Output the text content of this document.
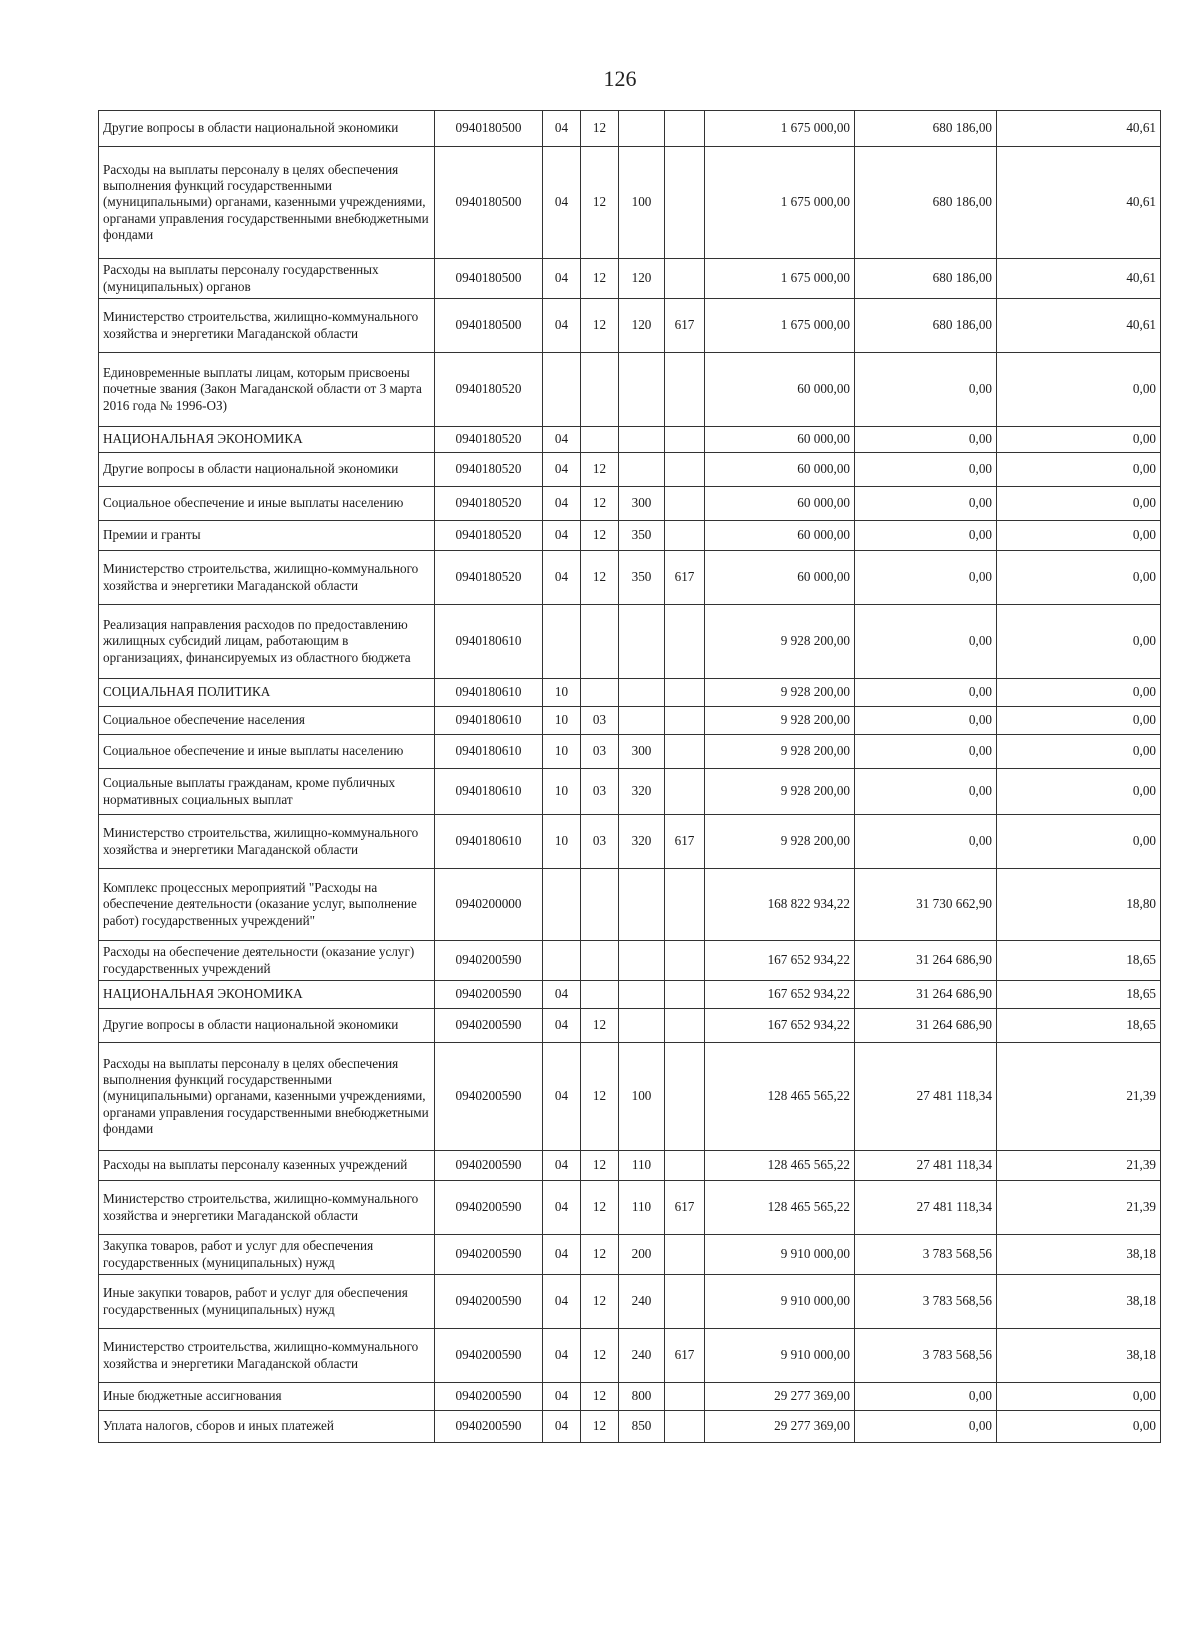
126
Другие вопросы в области национальной экономики	0940180500	04	12			1 675 000,00	680 186,00	40,61
Расходы на выплаты персоналу в целях обеспечения выполнения функций государственными (муниципальными) органами, казенными учреждениями, органами управления государственными внебюджетными фондами	0940180500	04	12	100		1 675 000,00	680 186,00	40,61
Расходы на выплаты персоналу государственных (муниципальных) органов	0940180500	04	12	120		1 675 000,00	680 186,00	40,61
Министерство строительства, жилищно-коммунального хозяйства и энергетики Магаданской области	0940180500	04	12	120	617	1 675 000,00	680 186,00	40,61
Единовременные выплаты лицам, которым присвоены почетные звания (Закон Магаданской области от 3 марта 2016 года № 1996-ОЗ)	0940180520					60 000,00	0,00	0,00
НАЦИОНАЛЬНАЯ ЭКОНОМИКА	0940180520	04				60 000,00	0,00	0,00
Другие вопросы в области национальной экономики	0940180520	04	12			60 000,00	0,00	0,00
Социальное обеспечение и иные выплаты населению	0940180520	04	12	300		60 000,00	0,00	0,00
Премии и гранты	0940180520	04	12	350		60 000,00	0,00	0,00
Министерство строительства, жилищно-коммунального хозяйства и энергетики Магаданской области	0940180520	04	12	350	617	60 000,00	0,00	0,00
Реализация направления расходов по предоставлению жилищных субсидий лицам, работающим в организациях, финансируемых из областного бюджета	0940180610					9 928 200,00	0,00	0,00
СОЦИАЛЬНАЯ ПОЛИТИКА	0940180610	10				9 928 200,00	0,00	0,00
Социальное обеспечение населения	0940180610	10	03			9 928 200,00	0,00	0,00
Социальное обеспечение и иные выплаты населению	0940180610	10	03	300		9 928 200,00	0,00	0,00
Социальные выплаты гражданам, кроме публичных нормативных социальных выплат	0940180610	10	03	320		9 928 200,00	0,00	0,00
Министерство строительства, жилищно-коммунального хозяйства и энергетики Магаданской области	0940180610	10	03	320	617	9 928 200,00	0,00	0,00
Комплекс процессных мероприятий "Расходы на обеспечение деятельности (оказание услуг, выполнение работ) государственных учреждений"	0940200000					168 822 934,22	31 730 662,90	18,80
Расходы на обеспечение деятельности (оказание услуг) государственных учреждений	0940200590					167 652 934,22	31 264 686,90	18,65
НАЦИОНАЛЬНАЯ ЭКОНОМИКА	0940200590	04				167 652 934,22	31 264 686,90	18,65
Другие вопросы в области национальной экономики	0940200590	04	12			167 652 934,22	31 264 686,90	18,65
Расходы на выплаты персоналу в целях обеспечения выполнения функций государственными (муниципальными) органами, казенными учреждениями, органами управления государственными внебюджетными фондами	0940200590	04	12	100		128 465 565,22	27 481 118,34	21,39
Расходы на выплаты персоналу казенных учреждений	0940200590	04	12	110		128 465 565,22	27 481 118,34	21,39
Министерство строительства, жилищно-коммунального хозяйства и энергетики Магаданской области	0940200590	04	12	110	617	128 465 565,22	27 481 118,34	21,39
Закупка товаров, работ и услуг для обеспечения государственных (муниципальных) нужд	0940200590	04	12	200		9 910 000,00	3 783 568,56	38,18
Иные закупки товаров, работ и услуг для обеспечения государственных (муниципальных) нужд	0940200590	04	12	240		9 910 000,00	3 783 568,56	38,18
Министерство строительства, жилищно-коммунального хозяйства и энергетики Магаданской области	0940200590	04	12	240	617	9 910 000,00	3 783 568,56	38,18
Иные бюджетные ассигнования	0940200590	04	12	800		29 277 369,00	0,00	0,00
Уплата налогов, сборов и иных платежей	0940200590	04	12	850		29 277 369,00	0,00	0,00
